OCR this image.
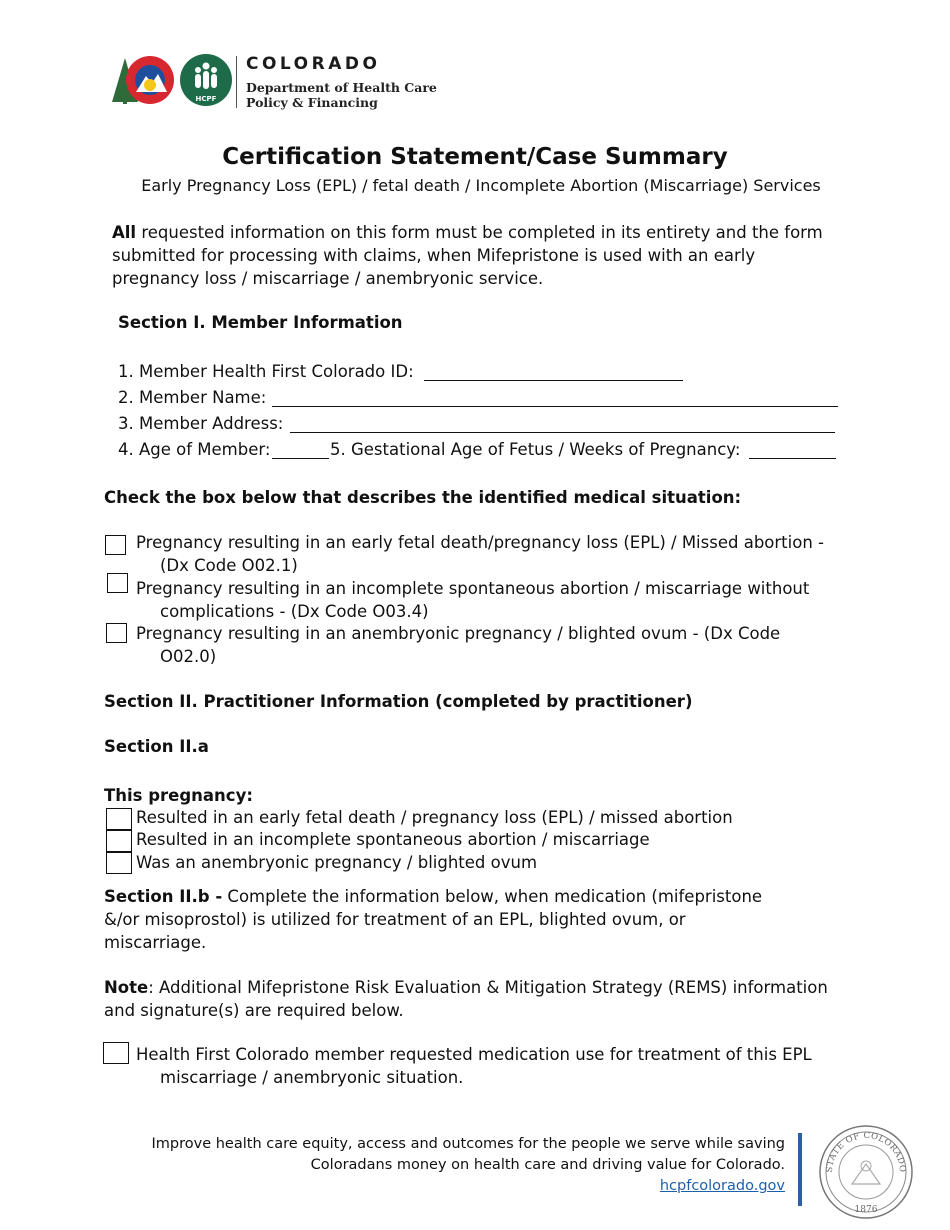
HCPF
COLORADO
Department of Health Care
Policy & Financing
Certification Statement/Case Summary
Early Pregnancy Loss (EPL) / fetal death / Incomplete Abortion (Miscarriage) Services
All requested information on this form must be completed in its entirety and the form
submitted for processing with claims, when Mifepristone is used with an early
pregnancy loss / miscarriage / anembryonic service.
Section I. Member Information
1. Member Health First Colorado ID:
2. Member Name:
3. Member Address:
4. Age of Member:	5. Gestational Age of Fetus / Weeks of Pregnancy:
Check the box below that describes the identified medical situation:
Pregnancy resulting in an early fetal death/pregnancy loss (EPL) / Missed abortion -
(Dx Code O02.1)
Pregnancy resulting in an incomplete spontaneous abortion / miscarriage without
complications - (Dx Code O03.4)
Pregnancy resulting in an anembryonic pregnancy / blighted ovum - (Dx Code
O02.0)
Section II. Practitioner Information (completed by practitioner)
Section II.a
This pregnancy:
Resulted in an early fetal death / pregnancy loss (EPL) / missed abortion
Resulted in an incomplete spontaneous abortion / miscarriage
Was an anembryonic pregnancy / blighted ovum
Section II.b - Complete the information below, when medication (mifepristone
&/or misoprostol) is utilized for treatment of an EPL, blighted ovum, or
miscarriage.
Note: Additional Mifepristone Risk Evaluation & Mitigation Strategy (REMS) information
and signature(s) are required below.
Health First Colorado member requested medication use for treatment of this EPL
miscarriage / anembryonic situation.
Improve health care equity, access and outcomes for the people we serve while saving
Coloradans money on health care and driving value for Colorado.
hcpfcolorado.gov
STATE OF COLORADO
1876
